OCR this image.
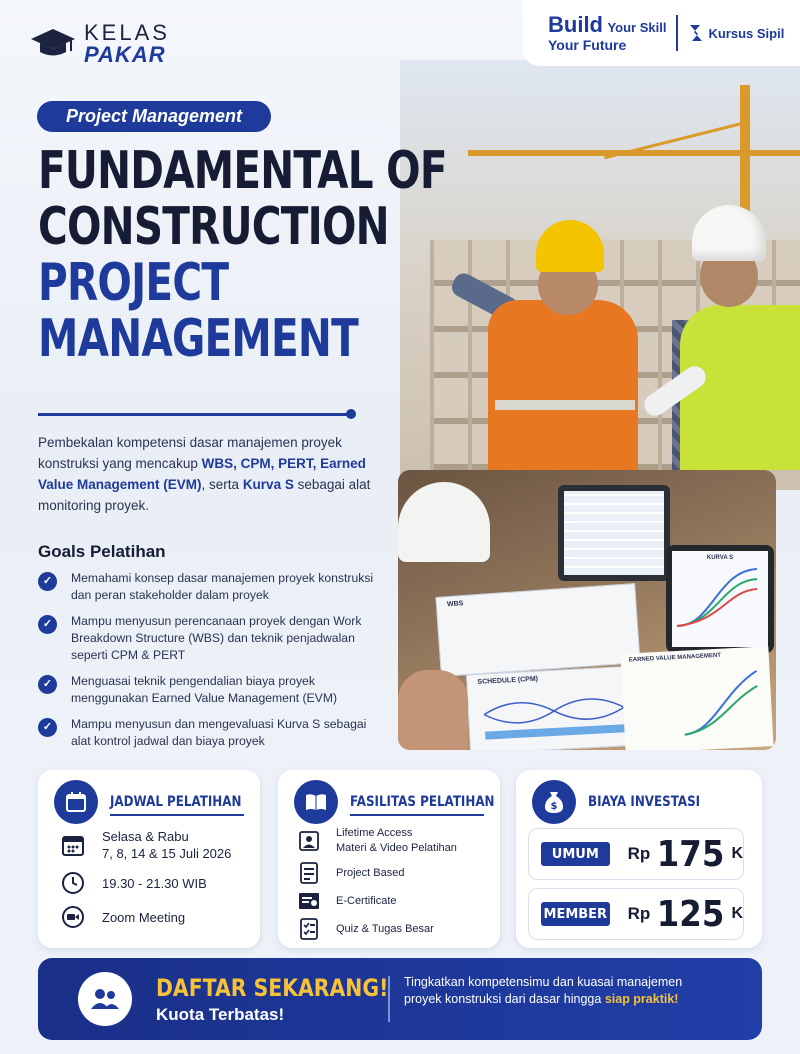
KELAS
PAKAR
Build Your Skill
Your Future
Kursus Sipil
Project Management
FUNDAMENTAL OF
CONSTRUCTION
PROJECT
MANAGEMENT

Pembekalan kompetensi dasar manajemen proyek konstruksi yang mencakup WBS, CPM, PERT, Earned Value Management (EVM), serta Kurva S sebagai alat monitoring proyek.

Goals Pelatihan
✓	Memahami konsep dasar manajemen proyek konstruksi dan peran stakeholder dalam proyek
✓	Mampu menyusun perencanaan proyek dengan Work Breakdown Structure (WBS) dan teknik penjadwalan seperti CPM & PERT
✓	Menguasai teknik pengendalian biaya proyek menggunakan Earned Value Management (EVM)
✓	Mampu menyusun dan mengevaluasi Kurva S sebagai alat kontrol jadwal dan biaya proyek
WBS
SCHEDULE (CPM)
KURVA S
EARNED VALUE MANAGEMENT
JADWAL PELATIHAN
Selasa & Rabu
7, 8, 14 & 15 Juli 2026
19.30 - 21.30 WIB
Zoom Meeting
FASILITAS PELATIHAN
Lifetime Access
Materi & Video Pelatihan
Project Based
E-Certificate
Quiz & Tugas Besar
$ BIAYA INVESTASI
UMUM	Rp 175 K
MEMBER Rp 125 K
DAFTAR SEKARANG!
Kuota Terbatas!
Tingkatkan kompetensimu dan kuasai manajemen proyek konstruksi dari dasar hingga siap praktik!
